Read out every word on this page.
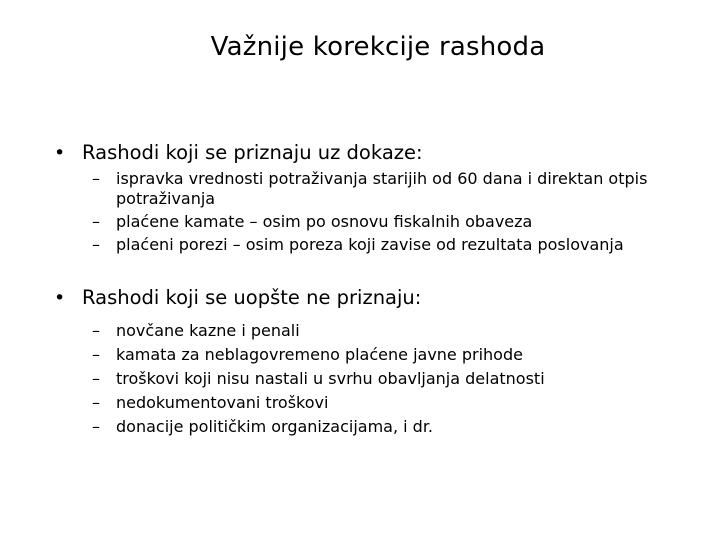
Važnije korekcije rashoda
• Rashodi koji se priznaju uz dokaze:
–	ispravka vrednosti potraživanja starijih od 60 dana i direktan otpis potraživanja
–	plaćene kamate – osim po osnovu fiskalnih obaveza
–	plaćeni porezi – osim poreza koji zavise od rezultata poslovanja
• Rashodi koji se uopšte ne priznaju:
–	novčane kazne i penali
–	kamata za neblagovremeno plaćene javne prihode
–	troškovi koji nisu nastali u svrhu obavljanja delatnosti
–	nedokumentovani troškovi
–	donacije političkim organizacijama, i dr.
